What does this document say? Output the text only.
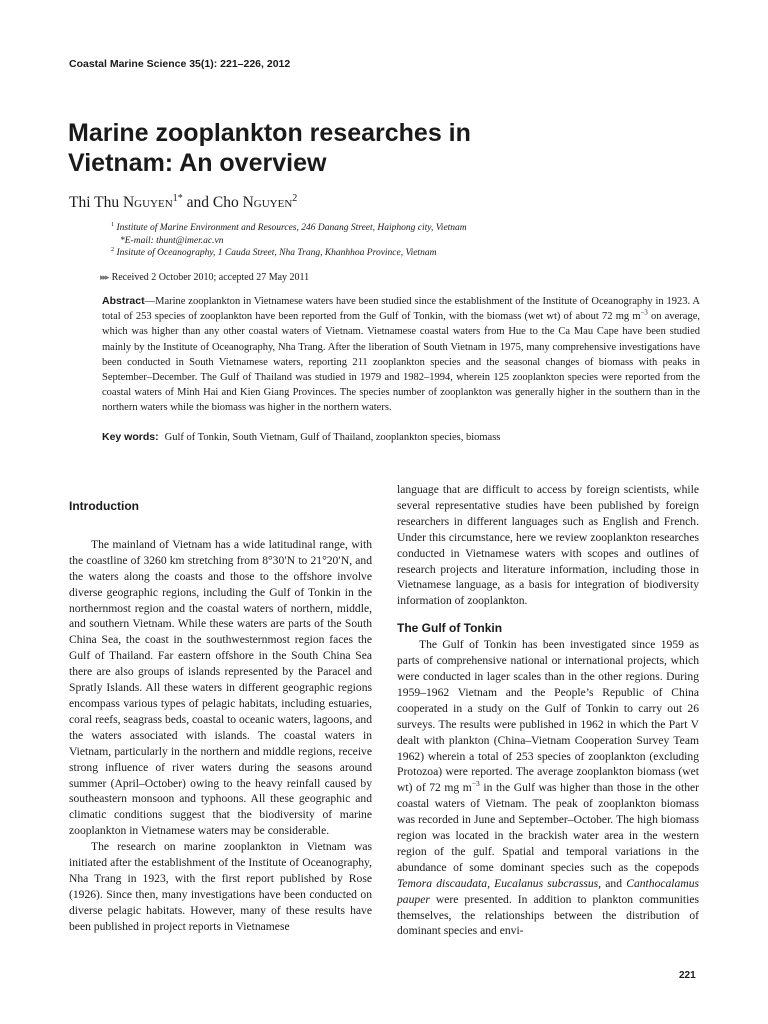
Coastal Marine Science 35(1): 221–226, 2012
Marine zooplankton researches in
Vietnam: An overview
Thi Thu Nguyen$^{1*}$ and Cho Nguyen$^2$
$^1$ Institute of Marine Environment and Resources, 246 Danang Street, Haiphong city, Vietnam
*E-mail: thunt@imer.ac.vn
$^2$ Insitute of Oceanography, 1 Cauda Street, Nha Trang, Khanhhoa Province, Vietnam
▸▸▸ Received 2 October 2010; accepted 27 May 2011
Abstract—Marine zooplankton in Vietnamese waters have been studied since the establishment of the Institute of Oceanography in 1923. A total of 253 species of zooplankton have been reported from the Gulf of Tonkin, with the biomass (wet wt) of about 72 mg $m^{-3}$ on average, which was higher than any other coastal waters of Vietnam. Vietnamese coastal waters from Hue to the Ca Mau Cape have been studied mainly by the Institute of Oceanography, Nha Trang. After the liberation of South Vietnam in 1975, many comprehensive investigations have been conducted in South Vietnamese waters, reporting 211 zooplankton species and the seasonal changes of biomass with peaks in September–December. The Gulf of Thailand was studied in 1979 and 1982–1994, wherein 125 zooplankton species were reported from the coastal waters of Minh Hai and Kien Giang Provinces. The species number of zooplankton was generally higher in the southern than in the northern waters while the biomass was higher in the northern waters.
Key words: Gulf of Tonkin, South Vietnam, Gulf of Thailand, zooplankton species, biomass
Introduction

The mainland of Vietnam has a wide latitudinal range, with the coastline of 3260 km stretching from 8°30′N to 21°20′N, and the waters along the coasts and those to the offshore involve diverse geographic regions, including the Gulf of Tonkin in the northernmost region and the coastal waters of northern, middle, and southern Vietnam. While these waters are parts of the South China Sea, the coast in the southwesternmost region faces the Gulf of Thailand. Far eastern offshore in the South China Sea there are also groups of islands represented by the Paracel and Spratly Islands. All these waters in different geographic regions encompass various types of pelagic habitats, including estuaries, coral reefs, seagrass beds, coastal to oceanic waters, lagoons, and the waters associated with islands. The coastal waters in Vietnam, particularly in the northern and middle regions, receive strong influence of river waters during the seasons around summer (April–October) owing to the heavy reinfall caused by southeastern monsoon and typhoons. All these geographic and climatic conditions suggest that the biodiversity of marine zooplankton in Vietnamese waters may be considerable.

The research on marine zooplankton in Vietnam was initiated after the establishment of the Institute of Oceanography, Nha Trang in 1923, with the first report published by Rose (1926). Since then, many investigations have been conducted on diverse pelagic habitats. However, many of these results have been published in project reports in Vietnamese

language that are difficult to access by foreign scientists, while several representative studies have been published by foreign researchers in different languages such as English and French. Under this circumstance, here we review zooplankton researches conducted in Vietnamese waters with scopes and outlines of research projects and literature information, including those in Vietnamese language, as a basis for integration of biodiversity information of zooplankton.

The Gulf of Tonkin

The Gulf of Tonkin has been investigated since 1959 as parts of comprehensive national or international projects, which were conducted in lager scales than in the other regions. During 1959–1962 Vietnam and the People’s Republic of China cooperated in a study on the Gulf of Tonkin to carry out 26 surveys. The results were published in 1962 in which the Part V dealt with plankton (China–Vietnam Cooperation Survey Team 1962) wherein a total of 253 species of zooplankton (excluding Protozoa) were reported. The average zooplankton biomass (wet wt) of 72 mg $m^{-3}$ in the Gulf was higher than those in the other coastal waters of Vietnam. The peak of zooplankton biomass was recorded in June and September–October. The high biomass region was located in the brackish water area in the western region of the gulf. Spatial and temporal variations in the abundance of some dominant species such as the copepods Temora discaudata, Eucalanus subcrassus, and Canthocalamus pauper were presented. In addition to plankton communities themselves, the relationships between the distribution of dominant species and envi-

221
